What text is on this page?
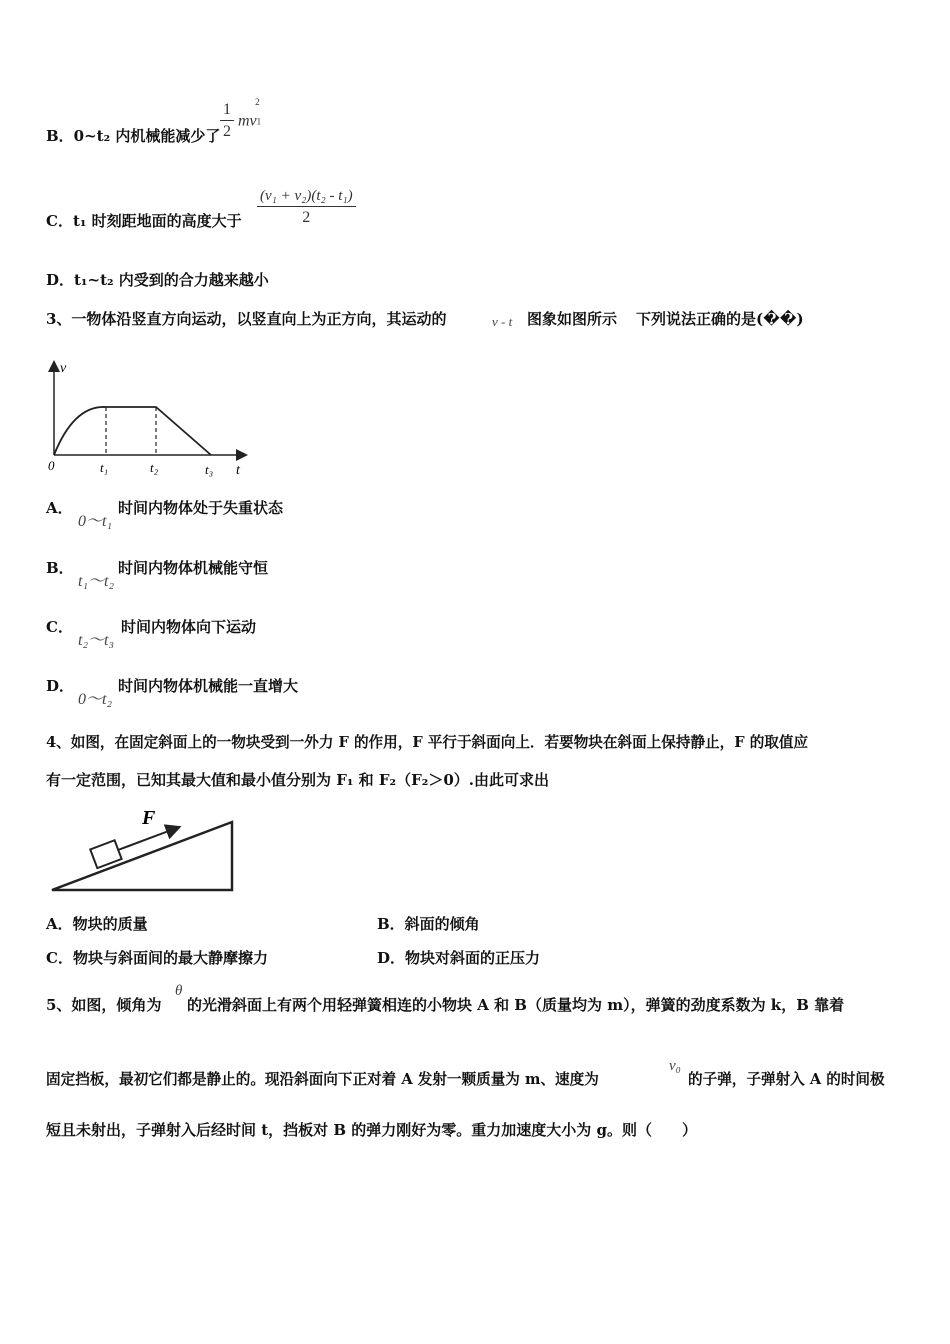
B．0~t₂ 内机械能减少了 $\frac{1}{2} mv1^2$
C．t₁ 时刻距地面的高度大于 $\frac{\text{(v₁ + v₂)(t₂ - t₁)}}{2}$
D．t₁~t₂ 内受到的合力越来越小
3、一物体沿竖直方向运动，以竖直向上为正方向，其运动的	v - t 图象如图所示 下列说法正确的是(��)
v
t
0	t₁	t₂	t₃
A．
0～t₁
时间内物体处于失重状态
B．
t₁～t₂
时间内物体机械能守恒
C．
t₂～t₃
时间内物体向下运动
D．
0～t₂
时间内物体机械能一直增大
4、如图，在固定斜面上的一物块受到一外力 F 的作用，F 平行于斜面向上．若要物块在斜面上保持静止，F 的取值应
有一定范围，已知其最大值和最小值分别为 F₁ 和 F₂（F₂＞0）.由此可求出
F
A．物块的质量	B．斜面的倾角
C．物块与斜面间的最大静摩擦力	D．物块对斜面的正压力
5、如图，倾角为
θ
的光滑斜面上有两个用轻弹簧相连的小物块 A 和 B（质量均为 m），弹簧的劲度系数为 k，B 靠着
固定挡板，最初它们都是静止的。现沿斜面向下正对着 A 发射一颗质量为 m、速度为
v₀
的子弹，子弹射入 A 的时间极
短且未射出，子弹射入后经时间 t，挡板对 B 的弹力刚好为零。重力加速度大小为 g。则（　　）
